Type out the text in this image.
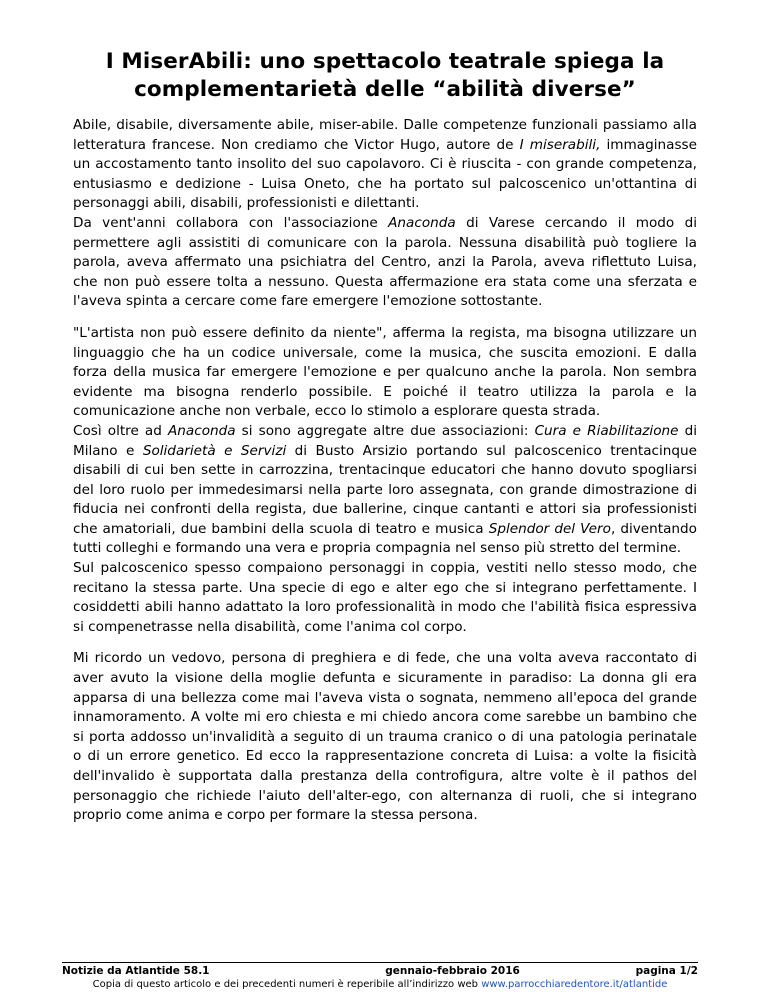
I MiserAbili: uno spettacolo teatrale spiega la complementarietà delle “abilità diverse”

Abile, disabile, diversamente abile, miser-abile. Dalle competenze funzionali passiamo alla letteratura francese. Non crediamo che Victor Hugo, autore de I miserabili, immaginasse un accostamento tanto insolito del suo capolavoro. Ci è riuscita - con grande competenza, entusiasmo e dedizione - Luisa Oneto, che ha portato sul palcoscenico un'ottantina di personaggi abili, disabili, professionisti e dilettanti.

Da vent'anni collabora con l'associazione Anaconda di Varese cercando il modo di permettere agli assistiti di comunicare con la parola. Nessuna disabilità può togliere la parola, aveva affermato una psichiatra del Centro, anzi la Parola, aveva riflettuto Luisa, che non può essere tolta a nessuno. Questa affermazione era stata come una sferzata e l'aveva spinta a cercare come fare emergere l'emozione sottostante.

"L'artista non può essere definito da niente", afferma la regista, ma bisogna utilizzare un linguaggio che ha un codice universale, come la musica, che suscita emozioni. E dalla forza della musica far emergere l'emozione e per qualcuno anche la parola. Non sembra evidente ma bisogna renderlo possibile. E poiché il teatro utilizza la parola e la comunicazione anche non verbale, ecco lo stimolo a esplorare questa strada.

Così oltre ad Anaconda si sono aggregate altre due associazioni: Cura e Riabilitazione di Milano e Solidarietà e Servizi di Busto Arsizio portando sul palcoscenico trentacinque disabili di cui ben sette in carrozzina, trentacinque educatori che hanno dovuto spogliarsi del loro ruolo per immedesimarsi nella parte loro assegnata, con grande dimostrazione di fiducia nei confronti della regista, due ballerine, cinque cantanti e attori sia professionisti che amatoriali, due bambini della scuola di teatro e musica Splendor del Vero, diventando tutti colleghi e formando una vera e propria compagnia nel senso più stretto del termine.

Sul palcoscenico spesso compaiono personaggi in coppia, vestiti nello stesso modo, che recitano la stessa parte. Una specie di ego e alter ego che si integrano perfettamente. I cosiddetti abili hanno adattato la loro professionalità in modo che l'abilità fisica espressiva si compenetrasse nella disabilità, come l'anima col corpo.

Mi ricordo un vedovo, persona di preghiera e di fede, che una volta aveva raccontato di aver avuto la visione della moglie defunta e sicuramente in paradiso: La donna gli era apparsa di una bellezza come mai l'aveva vista o sognata, nemmeno all'epoca del grande innamoramento. A volte mi ero chiesta e mi chiedo ancora come sarebbe un bambino che si porta addosso un'invalidità a seguito di un trauma cranico o di una patologia perinatale o di un errore genetico. Ed ecco la rappresentazione concreta di Luisa: a volte la fisicità dell'invalido è supportata dalla prestanza della controfigura, altre volte è il pathos del personaggio che richiede l'aiuto dell'alter-ego, con alternanza di ruoli, che si integrano proprio come anima e corpo per formare la stessa persona.

Notizie da Atlantide 58.1	gennaio-febbraio 2016	pagina 1/2
Copia di questo articolo e dei precedenti numeri è reperibile all’indirizzo web www.parrocchiaredentore.it/atlantide
